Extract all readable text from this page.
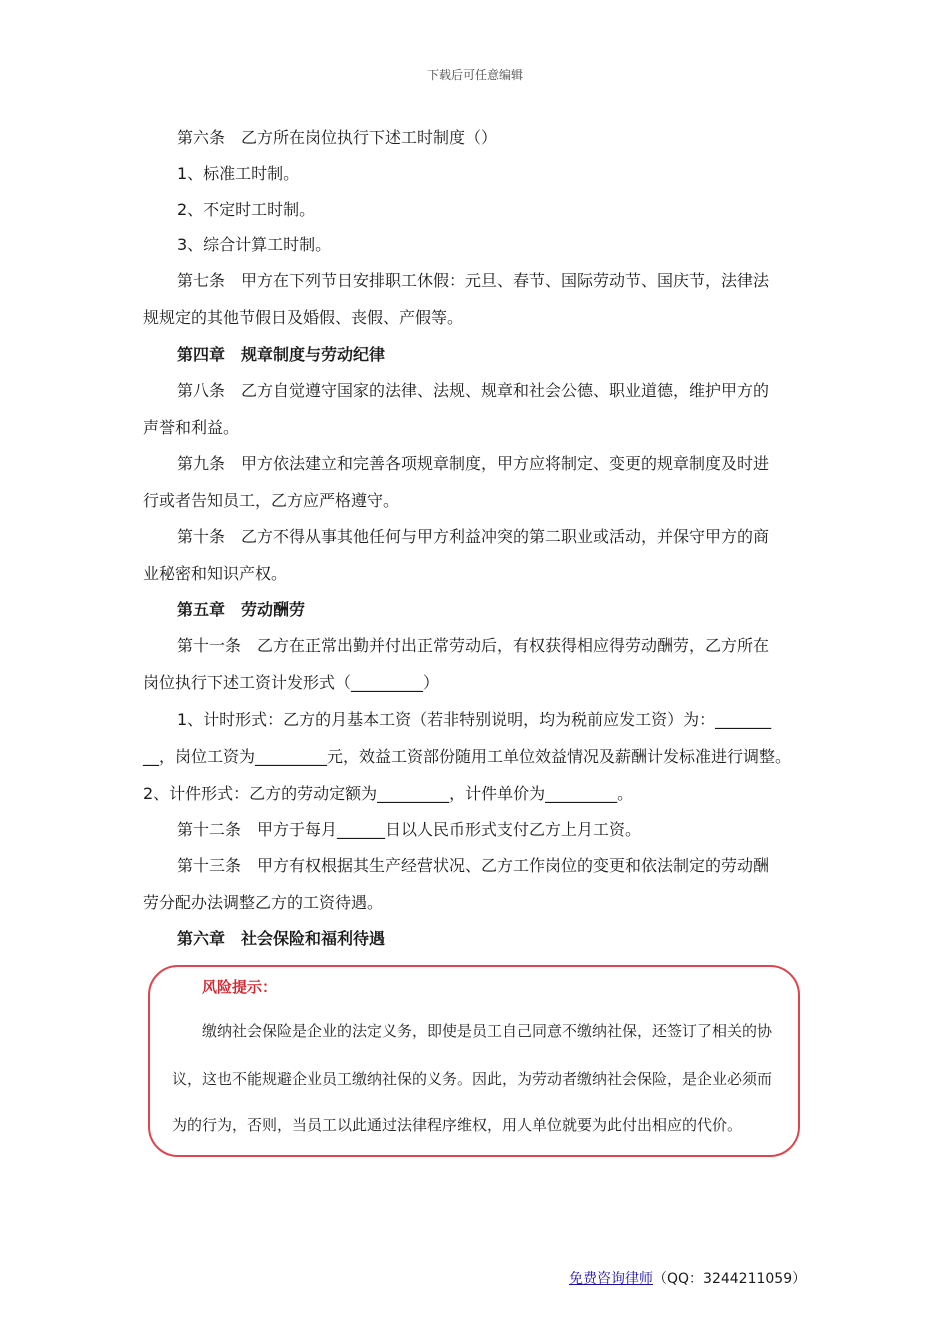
下载后可任意编辑
第六条　乙方所在岗位执行下述工时制度（）
1、标准工时制。
2、不定时工时制。
3、综合计算工时制。
第七条　甲方在下列节日安排职工休假：元旦、春节、国际劳动节、国庆节，法律法
规规定的其他节假日及婚假、丧假、产假等。
第四章　规章制度与劳动纪律
第八条　乙方自觉遵守国家的法律、法规、规章和社会公德、职业道德，维护甲方的
声誉和利益。
第九条　甲方依法建立和完善各项规章制度，甲方应将制定、变更的规章制度及时进
行或者告知员工，乙方应严格遵守。
第十条　乙方不得从事其他任何与甲方利益冲突的第二职业或活动，并保守甲方的商
业秘密和知识产权。
第五章　劳动酬劳
第十一条　乙方在正常出勤并付出正常劳动后，有权获得相应得劳动酬劳，乙方所在
岗位执行下述工资计发形式（_________）
1、计时形式：乙方的月基本工资（若非特别说明，均为税前应发工资）为：_______
__，岗位工资为_________元，效益工资部份随用工单位效益情况及薪酬计发标准进行调整。
2、计件形式：乙方的劳动定额为_________，计件单价为_________。
第十二条　甲方于每月______日以人民币形式支付乙方上月工资。
第十三条　甲方有权根据其生产经营状况、乙方工作岗位的变更和依法制定的劳动酬
劳分配办法调整乙方的工资待遇。
第六章　社会保险和福利待遇
风险提示：
　　缴纳社会保险是企业的法定义务，即使是员工自己同意不缴纳社保，还签订了相关的协
议，这也不能规避企业员工缴纳社保的义务。因此，为劳动者缴纳社会保险，是企业必须而
为的行为，否则，当员工以此通过法律程序维权，用人单位就要为此付出相应的代价。
免费咨询律师（QQ：3244211059）
